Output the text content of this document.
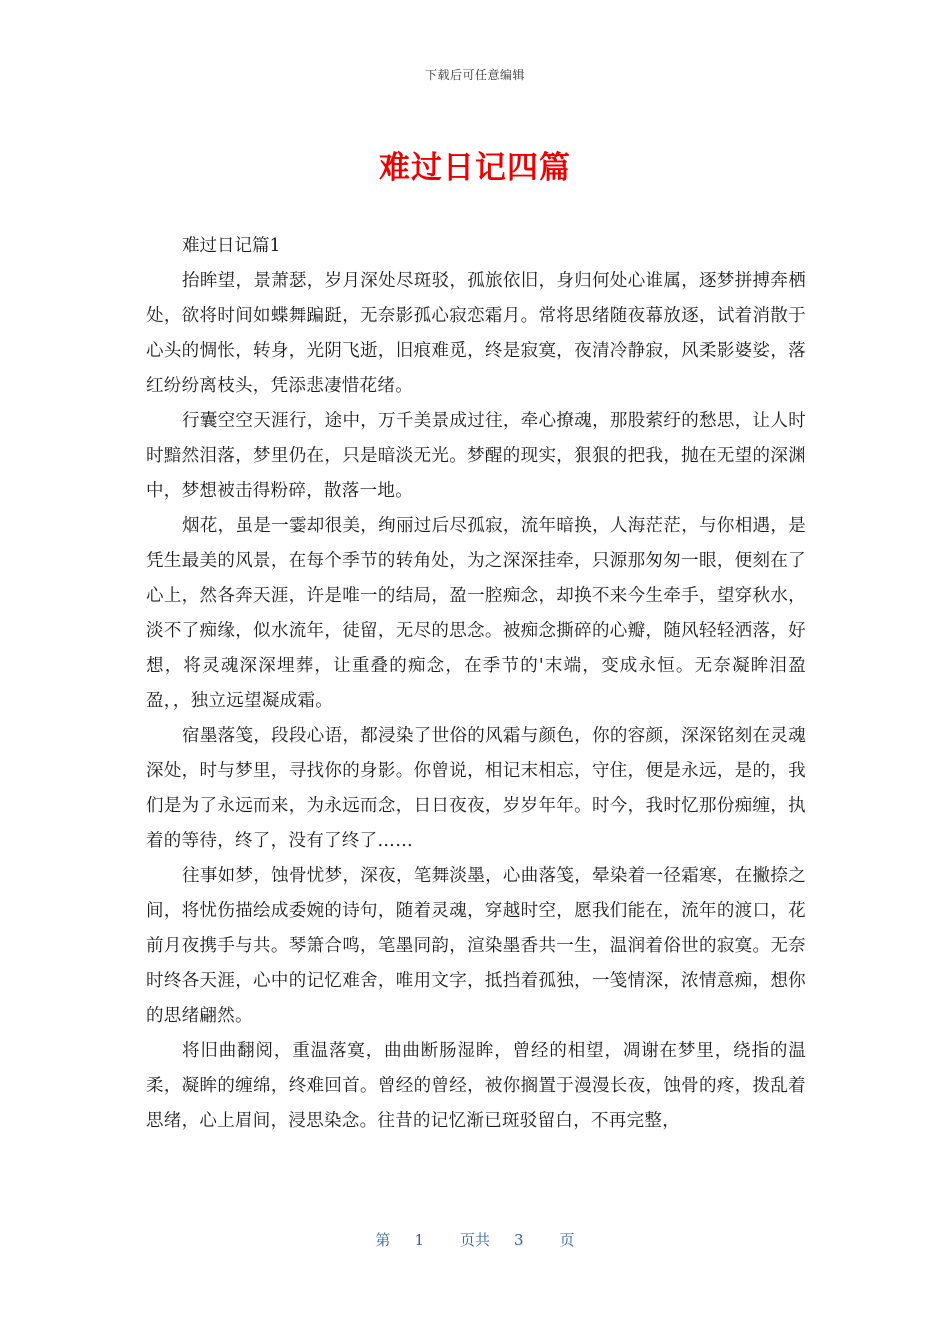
下载后可任意编辑
难过日记四篇

难过日记篇1

抬眸望，景萧瑟，岁月深处尽斑驳，孤旅依旧，身归何处心谁属，逐梦拼搏奔栖处，欲将时间如蝶舞蹁跹，无奈影孤心寂恋霜月。常将思绪随夜幕放逐，试着消散于心头的惆怅，转身，光阴飞逝，旧痕难觅，终是寂寞，夜清冷静寂，风柔影婆娑，落红纷纷离枝头，凭添悲凄惜花绪。

行囊空空天涯行，途中，万千美景成过往，牵心撩魂，那股萦纡的愁思，让人时时黯然泪落，梦里仍在，只是暗淡无光。梦醒的现实，狠狠的把我，抛在无望的深渊中，梦想被击得粉碎，散落一地。

烟花，虽是一霎却很美，绚丽过后尽孤寂，流年暗换，人海茫茫，与你相遇，是凭生最美的风景，在每个季节的转角处，为之深深挂牵，只源那匆匆一眼，便刻在了心上，然各奔天涯，许是唯一的结局，盈一腔痴念，却换不来今生牵手，望穿秋水，淡不了痴缘，似水流年，徒留，无尽的思念。被痴念撕碎的心瓣，随风轻轻洒落，好想，将灵魂深深埋葬，让重叠的痴念，在季节的'末端，变成永恒。无奈凝眸泪盈盈，，独立远望凝成霜。

宿墨落笺，段段心语，都浸染了世俗的风霜与颜色，你的容颜，深深铭刻在灵魂深处，时与梦里，寻找你的身影。你曾说，相记末相忘，守住，便是永远，是的，我们是为了永远而来，为永远而念，日日夜夜，岁岁年年。时今，我时忆那份痴缠，执着的等待，终了，没有了终了……

往事如梦，蚀骨忧梦，深夜，笔舞淡墨，心曲落笺，晕染着一径霜寒，在撇捺之间，将忧伤描绘成委婉的诗句，随着灵魂，穿越时空，愿我们能在，流年的渡口，花前月夜携手与共。琴箫合鸣，笔墨同韵，渲染墨香共一生，温润着俗世的寂寞。无奈时终各天涯，心中的记忆难舍，唯用文字，抵挡着孤独，一笺情深，浓情意痴，想你的思绪翩然。

将旧曲翻阅，重温落寞，曲曲断肠湿眸，曾经的相望，凋谢在梦里，绕指的温柔，凝眸的缠绵，终难回首。曾经的曾经，被你搁置于漫漫长夜，蚀骨的疼，拨乱着思绪，心上眉间，浸思染念。往昔的记忆渐已斑驳留白，不再完整，

第 1 页共 3 页
